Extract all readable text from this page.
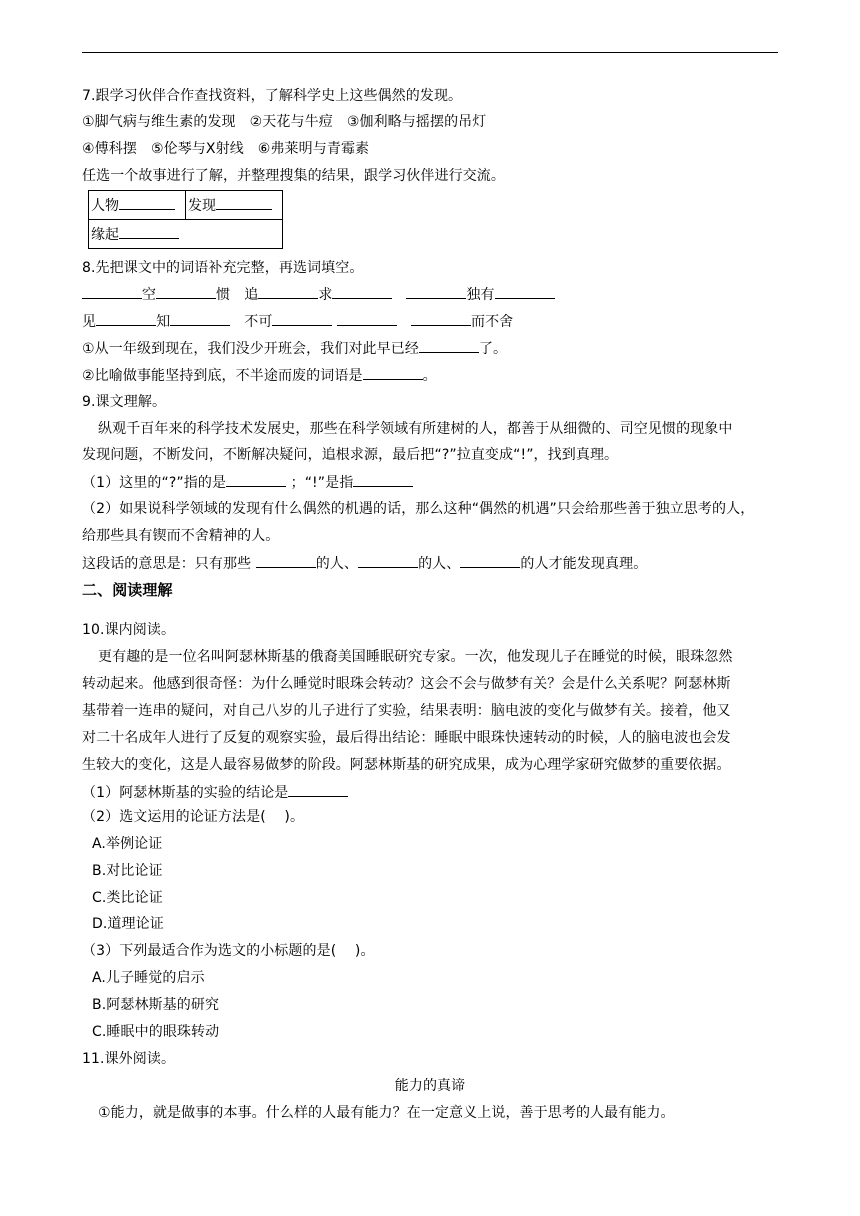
7.跟学习伙伴合作查找资料，了解科学史上这些偶然的发现。
①脚气病与维生素的发现 ②天花与牛痘 ③伽利略与摇摆的吊灯
④傅科摆 ⑤伦琴与X射线 ⑥弗莱明与青霉素
任选一个故事进行了解，并整理搜集的结果，跟学习伙伴进行交流。
人物	发现
缘起
8.先把课文中的词语补充完整，再选词填空。
空	惯 追	求	独有
见	知	不可	而不舍
①从一年级到现在，我们没少开班会，我们对此早已经	了。
②比喻做事能坚持到底，不半途而废的词语是	。
9.课文理解。
纵观千百年来的科学技术发展史，那些在科学领域有所建树的人，都善于从细微的、司空见惯的现象中
发现问题，不断发问，不断解决疑问，追根求源，最后把“?”拉直变成“!”，找到真理。
（1）这里的“?”指的是	；“!”是指
（2）如果说科学领域的发现有什么偶然的机遇的话，那么这种“偶然的机遇”只会给那些善于独立思考的人，
给那些具有锲而不舍精神的人。
这段话的意思是：只有那些	的人、	的人、	的人才能发现真理。
二、阅读理解
10.课内阅读。
更有趣的是一位名叫阿瑟林斯基的俄裔美国睡眠研究专家。一次，他发现儿子在睡觉的时候，眼珠忽然
转动起来。他感到很奇怪：为什么睡觉时眼珠会转动？这会不会与做梦有关？会是什么关系呢？阿瑟林斯
基带着一连串的疑问，对自己八岁的儿子进行了实验，结果表明：脑电波的变化与做梦有关。接着，他又
对二十名成年人进行了反复的观察实验，最后得出结论：睡眠中眼珠快速转动的时候，人的脑电波也会发
生较大的变化，这是人最容易做梦的阶段。阿瑟林斯基的研究成果，成为心理学家研究做梦的重要依据。
（1）阿瑟林斯基的实验的结论是
（2）选文运用的论证方法是(　 )。
A.举例论证
B.对比论证
C.类比论证
D.道理论证
（3）下列最适合作为选文的小标题的是(　 )。
A.儿子睡觉的启示
B.阿瑟林斯基的研究
C.睡眠中的眼珠转动
11.课外阅读。
能力的真谛
①能力，就是做事的本事。什么样的人最有能力？在一定意义上说，善于思考的人最有能力。
